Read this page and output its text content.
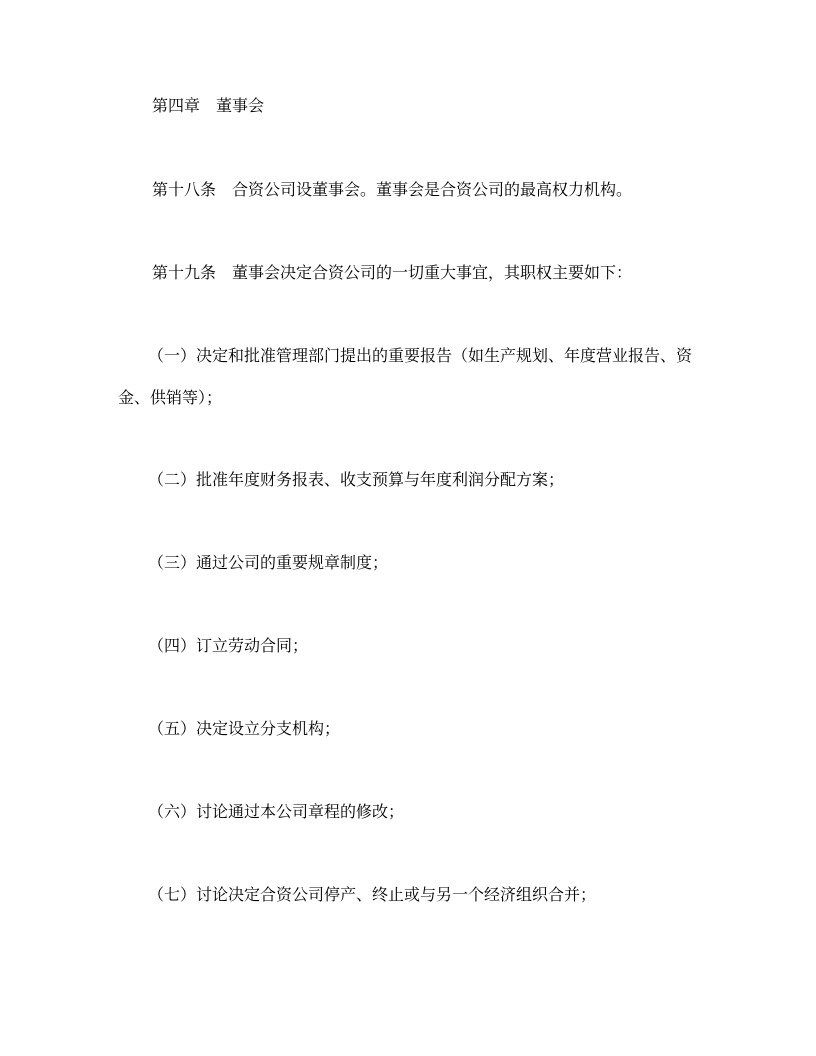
第四章 董事会
第十八条 合资公司设董事会。董事会是合资公司的最高权力机构。
第十九条 董事会决定合资公司的一切重大事宜，其职权主要如下：
（一）决定和批准管理部门提出的重要报告（如生产规划、年度营业报告、资
金、供销等）；
（二）批准年度财务报表、收支预算与年度利润分配方案；
（三）通过公司的重要规章制度；
（四）订立劳动合同；
（五）决定设立分支机构；
（六）讨论通过本公司章程的修改；
（七）讨论决定合资公司停产、终止或与另一个经济组织合并；
